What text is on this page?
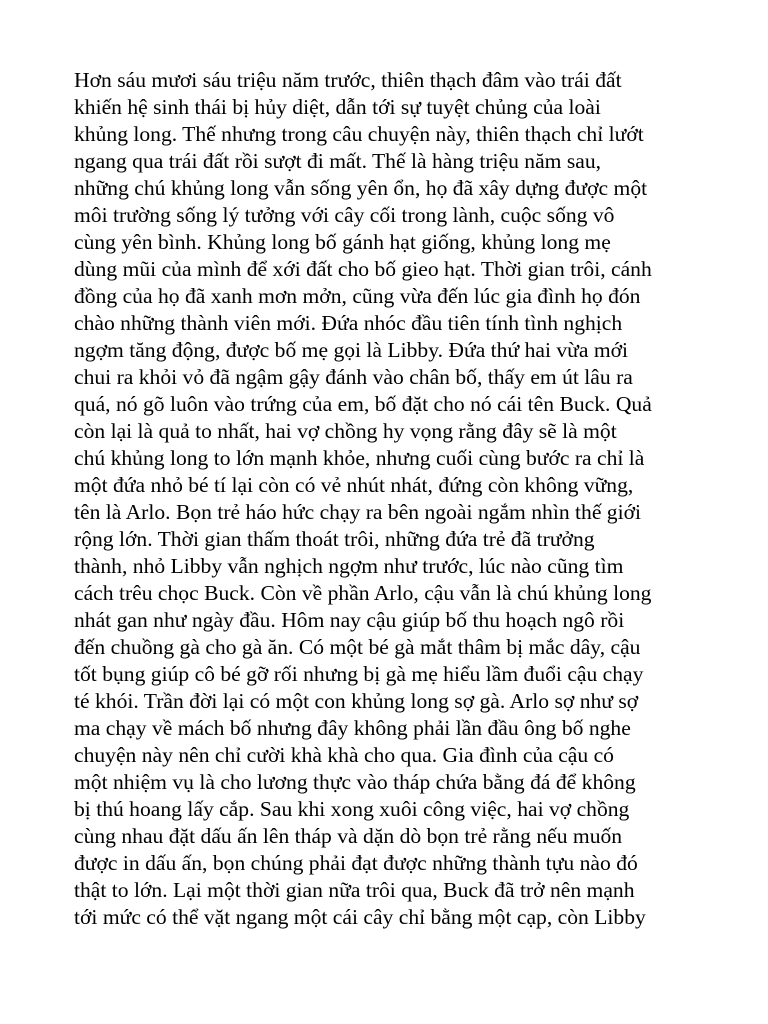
Hơn sáu mươi sáu triệu năm trước, thiên thạch đâm vào trái đất
khiến hệ sinh thái bị hủy diệt, dẫn tới sự tuyệt chủng của loài
khủng long. Thế nhưng trong câu chuyện này, thiên thạch chỉ lướt
ngang qua trái đất rồi sượt đi mất. Thế là hàng triệu năm sau,
những chú khủng long vẫn sống yên ổn, họ đã xây dựng được một
môi trường sống lý tưởng với cây cối trong lành, cuộc sống vô
cùng yên bình. Khủng long bố gánh hạt giống, khủng long mẹ
dùng mũi của mình để xới đất cho bố gieo hạt. Thời gian trôi, cánh
đồng của họ đã xanh mơn mởn, cũng vừa đến lúc gia đình họ đón
chào những thành viên mới. Đứa nhóc đầu tiên tính tình nghịch
ngợm tăng động, được bố mẹ gọi là Libby. Đứa thứ hai vừa mới
chui ra khỏi vỏ đã ngậm gậy đánh vào chân bố, thấy em út lâu ra
quá, nó gõ luôn vào trứng của em, bố đặt cho nó cái tên Buck. Quả
còn lại là quả to nhất, hai vợ chồng hy vọng rằng đây sẽ là một
chú khủng long to lớn mạnh khỏe, nhưng cuối cùng bước ra chỉ là
một đứa nhỏ bé tí lại còn có vẻ nhút nhát, đứng còn không vững,
tên là Arlo. Bọn trẻ háo hức chạy ra bên ngoài ngắm nhìn thế giới
rộng lớn. Thời gian thấm thoát trôi, những đứa trẻ đã trưởng
thành, nhỏ Libby vẫn nghịch ngợm như trước, lúc nào cũng tìm
cách trêu chọc Buck. Còn về phần Arlo, cậu vẫn là chú khủng long
nhát gan như ngày đầu. Hôm nay cậu giúp bố thu hoạch ngô rồi
đến chuồng gà cho gà ăn. Có một bé gà mắt thâm bị mắc dây, cậu
tốt bụng giúp cô bé gỡ rối nhưng bị gà mẹ hiểu lầm đuổi cậu chạy
té khói. Trần đời lại có một con khủng long sợ gà. Arlo sợ như sợ
ma chạy về mách bố nhưng đây không phải lần đầu ông bố nghe
chuyện này nên chỉ cười khà khà cho qua. Gia đình của cậu có
một nhiệm vụ là cho lương thực vào tháp chứa bằng đá để không
bị thú hoang lấy cắp. Sau khi xong xuôi công việc, hai vợ chồng
cùng nhau đặt dấu ấn lên tháp và dặn dò bọn trẻ rằng nếu muốn
được in dấu ấn, bọn chúng phải đạt được những thành tựu nào đó
thật to lớn. Lại một thời gian nữa trôi qua, Buck đã trở nên mạnh
tới mức có thể vặt ngang một cái cây chỉ bằng một cạp, còn Libby
